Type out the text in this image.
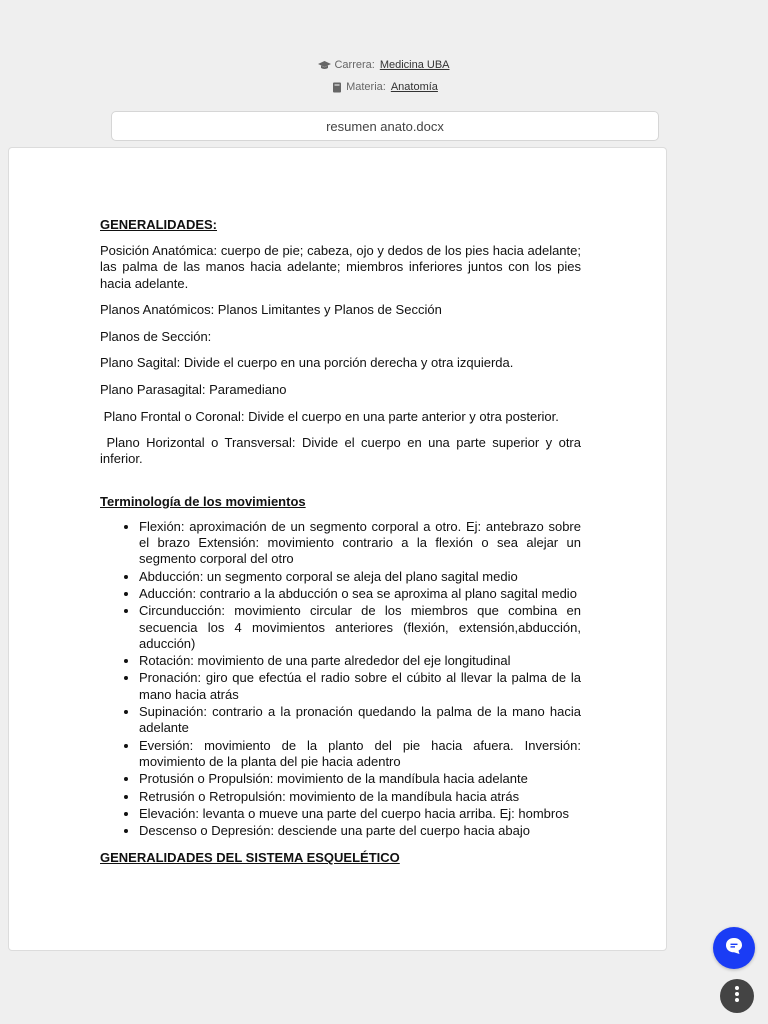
Carrera: Medicina UBA
Materia: Anatomía
resumen anato.docx
GENERALIDADES:

Posición Anatómica: cuerpo de pie; cabeza, ojo y dedos de los pies hacia adelante; las palma de las manos hacia adelante; miembros inferiores juntos con los pies hacia adelante.

Planos Anatómicos: Planos Limitantes y Planos de Sección

Planos de Sección:

Plano Sagital: Divide el cuerpo en una porción derecha y otra izquierda.

Plano Parasagital: Paramediano

Plano Frontal o Coronal: Divide el cuerpo en una parte anterior y otra posterior.

Plano Horizontal o Transversal: Divide el cuerpo en una parte superior y otra inferior.

Terminología de los movimientos
• Flexión: aproximación de un segmento corporal a otro. Ej: antebrazo sobre el brazo Extensión: movimiento contrario a la flexión o sea alejar un segmento corporal del otro
• Abducción: un segmento corporal se aleja del plano sagital medio
• Aducción: contrario a la abducción o sea se aproxima al plano sagital medio
• Circunducción: movimiento circular de los miembros que combina en secuencia los 4 movimientos anteriores (flexión, extensión,abducción, aducción)
• Rotación: movimiento de una parte alrededor del eje longitudinal
• Pronación: giro que efectúa el radio sobre el cúbito al llevar la palma de la mano hacia atrás
• Supinación: contrario a la pronación quedando la palma de la mano hacia adelante
• Eversión: movimiento de la planto del pie hacia afuera. Inversión: movimiento de la planta del pie hacia adentro
• Protusión o Propulsión: movimiento de la mandíbula hacia adelante
• Retrusión o Retropulsión: movimiento de la mandíbula hacia atrás
• Elevación: levanta o mueve una parte del cuerpo hacia arriba. Ej: hombros
• Descenso o Depresión: desciende una parte del cuerpo hacia abajo
GENERALIDADES DEL SISTEMA ESQUELÉTICO
